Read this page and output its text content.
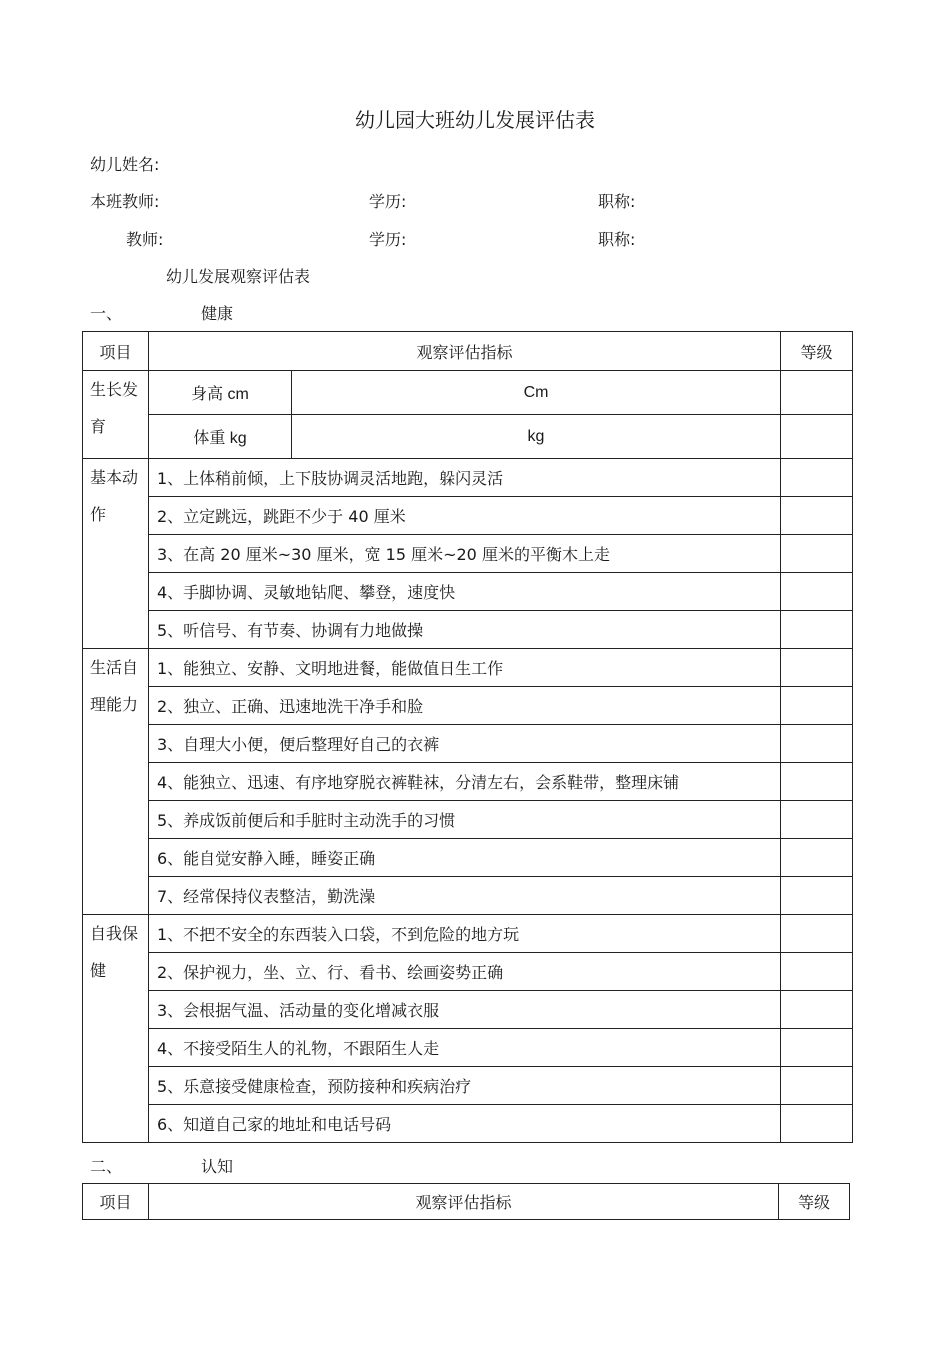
幼儿园大班幼儿发展评估表
幼儿姓名:
本班教师:	学历:	职称:
教师:	学历:	职称:
幼儿发展观察评估表
一、	健康
项目	观察评估指标		等级
生长发育	身高 cm	Cm	
	体重 kg	kg	
基本动作	1、上体稍前倾，上下肢协调灵活地跑，躲闪灵活		
	2、立定跳远，跳距不少于 40 厘米		
	3、在高 20 厘米~30 厘米，宽 15 厘米~20 厘米的平衡木上走		
	4、手脚协调、灵敏地钻爬、攀登，速度快		
	5、听信号、有节奏、协调有力地做操		
生活自理能力	1、能独立、安静、文明地进餐，能做值日生工作		
	2、独立、正确、迅速地洗干净手和脸		
	3、自理大小便，便后整理好自己的衣裤		
	4、能独立、迅速、有序地穿脱衣裤鞋袜，分清左右，会系鞋带，整理床铺		
	5、养成饭前便后和手脏时主动洗手的习惯		
	6、能自觉安静入睡，睡姿正确		
	7、经常保持仪表整洁，勤洗澡		
自我保健	1、不把不安全的东西装入口袋，不到危险的地方玩		
	2、保护视力，坐、立、行、看书、绘画姿势正确		
	3、会根据气温、活动量的变化增减衣服		
	4、不接受陌生人的礼物，不跟陌生人走		
	5、乐意接受健康检查，预防接种和疾病治疗		
	6、知道自己家的地址和电话号码		
二、	认知
项目	观察评估指标	等级
